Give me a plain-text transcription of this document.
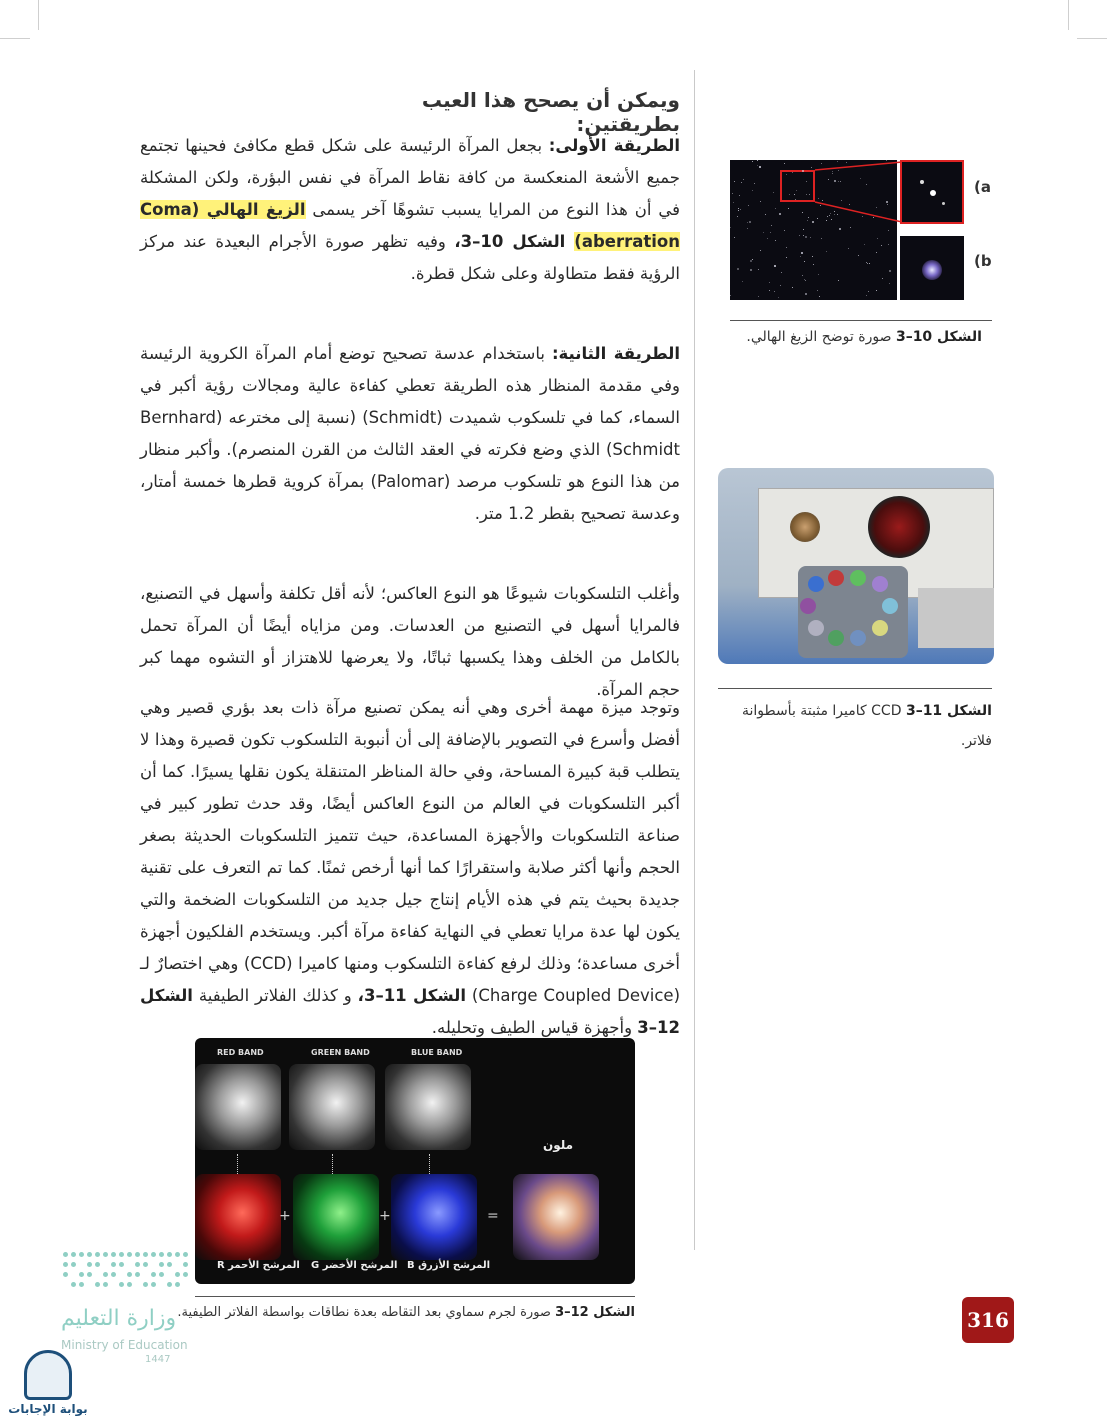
ويمكن أن يصحح هذا العيب بطريقتين:
الطريقة الأولى: بجعل المرآة الرئيسة على شكل قطع مكافئ فحينها تجتمع جميع الأشعة المنعكسة من كافة نقاط المرآة في نفس البؤرة، ولكن المشكلة في أن هذا النوع من المرايا يسبب تشوهًا آخر يسمى الزيغ الهالي (Coma aberration) الشكل 10–3، وفيه تظهر صورة الأجرام البعيدة عند مركز الرؤية فقط متطاولة وعلى شكل قطرة.
الطريقة الثانية: باستخدام عدسة تصحيح توضع أمام المرآة الكروية الرئيسة وفي مقدمة المنظار هذه الطريقة تعطي كفاءة عالية ومجالات رؤية أكبر في السماء، كما في تلسكوب شميدت (Schmidt) (نسبة إلى مخترعه (Bernhard Schmidt) الذي وضع فكرته في العقد الثالث من القرن المنصرم). وأكبر منظار من هذا النوع هو تلسكوب مرصد (Palomar) بمرآة كروية قطرها خمسة أمتار، وعدسة تصحيح بقطر 1.2 متر.
وأغلب التلسكوبات شيوعًا هو النوع العاكس؛ لأنه أقل تكلفة وأسهل في التصنيع، فالمرايا أسهل في التصنيع من العدسات. ومن مزاياه أيضًا أن المرآة تحمل بالكامل من الخلف وهذا يكسبها ثباتًا، ولا يعرضها للاهتزاز أو التشوه مهما كبر حجم المرآة.
وتوجد ميزة مهمة أخرى وهي أنه يمكن تصنيع مرآة ذات بعد بؤري قصير وهي أفضل وأسرع في التصوير بالإضافة إلى أن أنبوبة التلسكوب تكون قصيرة وهذا لا يتطلب قبة كبيرة المساحة، وفي حالة المناظر المتنقلة يكون نقلها يسيرًا. كما أن أكبر التلسكوبات في العالم من النوع العاكس أيضًا، وقد حدث تطور كبير في صناعة التلسكوبات والأجهزة المساعدة، حيث تتميز التلسكوبات الحديثة بصغر الحجم وأنها أكثر صلابة واستقرارًا كما أنها أرخص ثمنًا. كما تم التعرف على تقنية جديدة بحيث يتم في هذه الأيام إنتاج جيل جديد من التلسكوبات الضخمة والتي يكون لها عدة مرايا تعطي في النهاية كفاءة مرآة أكبر. ويستخدم الفلكيون أجهزة أخرى مساعدة؛ وذلك لرفع كفاءة التلسكوب ومنها كاميرا (CCD) وهي اختصارٌ لـ (Charge Coupled Device) الشكل 11–3، و كذلك الفلاتر الطيفية الشكل 12–3 وأجهزة قياس الطيف وتحليله.
(a
(b
الشكل 10–3 صورة توضح الزيغ الهالي.
الشكل 11–3 CCD كاميرا مثبتة بأسطوانة فلاتر.
RED BAND	GREEN BAND	BLUE BAND
ملون
+	+	=
المرشح الأحمر R المرشح الأخضر G المرشح الأزرق B
الشكل 12–3 صورة لجرم سماوي بعد التقاطه بعدة نطاقات بواسطة الفلاتر الطيفية.	316
وزارة التعليم
Ministry of Education
1447
بوابة الإجابات
